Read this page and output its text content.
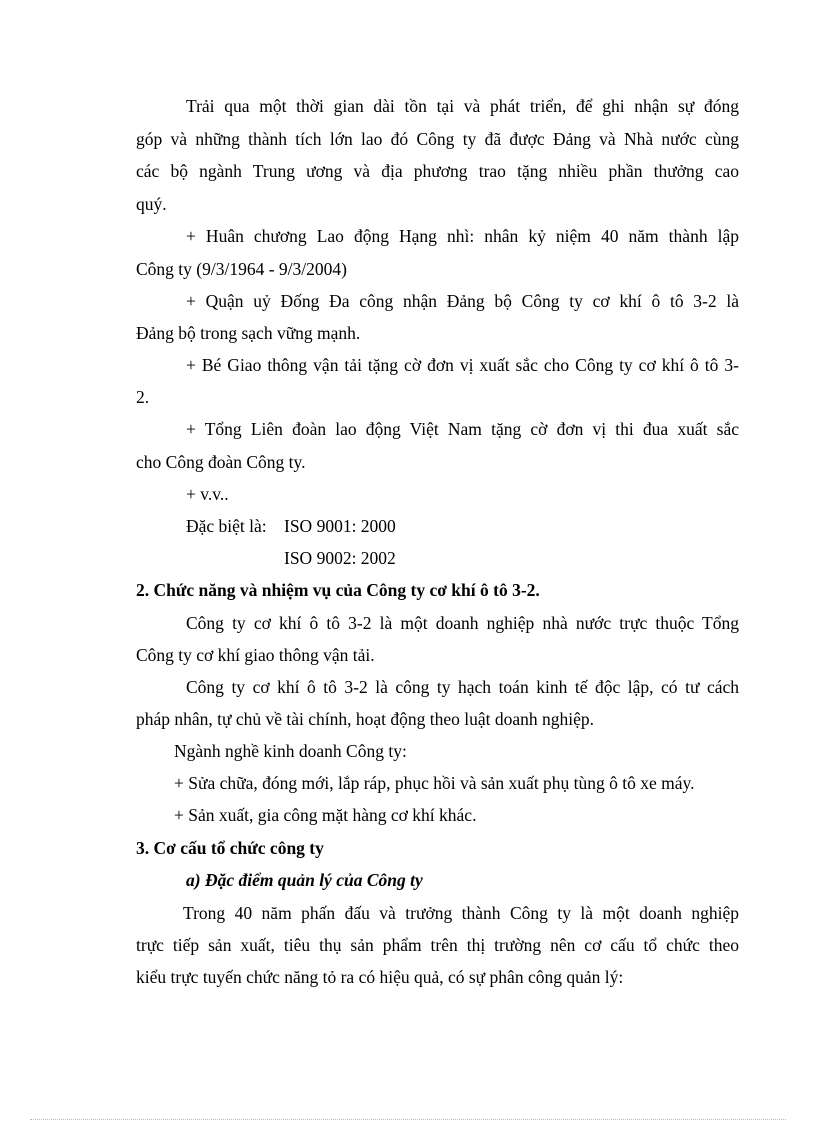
Trải qua một thời gian dài tồn tại và phát triển, để ghi nhận sự đóng
góp và những thành tích lớn lao đó Công ty đã được Đảng và Nhà nước cùng
các bộ ngành Trung ương và địa phương trao tặng nhiều phần thưởng cao
quý.
+ Huân chương Lao động Hạng nhì: nhân kỷ niệm 40 năm thành lập
Công ty (9/3/1964 - 9/3/2004)
+ Quận uỷ Đống Đa công nhận Đảng bộ Công ty cơ khí ô tô 3-2 là
Đảng bộ trong sạch vững mạnh.
+ Bé Giao thông vận tải tặng cờ đơn vị xuất sắc cho Công ty cơ khí ô tô 3-
2.
+ Tổng Liên đoàn lao động Việt Nam tặng cờ đơn vị thi đua xuất sắc
cho Công đoàn Công ty.
+ v.v..
Đặc biệt là: ISO 9001: 2000
ISO 9002: 2002
2. Chức năng và nhiệm vụ của Công ty cơ khí ô tô 3-2.
Công ty cơ khí ô tô 3-2 là một doanh nghiệp nhà nước trực thuộc Tổng
Công ty cơ khí giao thông vận tải.
Công ty cơ khí ô tô 3-2 là công ty hạch toán kinh tế độc lập, có tư cách
pháp nhân, tự chủ về tài chính, hoạt động theo luật doanh nghiệp.
Ngành nghề kinh doanh Công ty:
+ Sửa chữa, đóng mới, lắp ráp, phục hồi và sản xuất phụ tùng ô tô xe máy.
+ Sản xuất, gia công mặt hàng cơ khí khác.
3. Cơ cấu tổ chức công ty
a) Đặc điểm quản lý của Công ty
Trong 40 năm phấn đấu và trưởng thành Công ty là một doanh nghiệp
trực tiếp sản xuất, tiêu thụ sản phẩm trên thị trường nên cơ cấu tổ chức theo
kiểu trực tuyến chức năng tỏ ra có hiệu quả, có sự phân công quản lý:
